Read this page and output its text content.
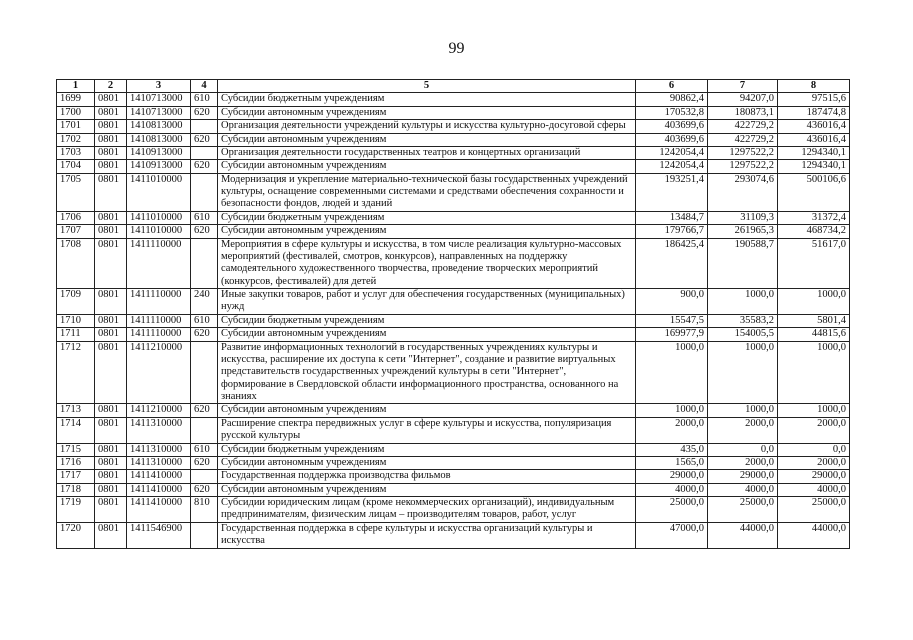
99
1	2	3	4	5	6	7	8
1699	0801	1410713000	610	Субсидии бюджетным учреждениям	90862,4	94207,0	97515,6
1700	0801	1410713000	620	Субсидии автономным учреждениям	170532,8	180873,1	187474,8
1701	0801	1410813000		Организация деятельности учреждений культуры и искусства культурно-досуговой сферы	403699,6	422729,2	436016,4
1702	0801	1410813000	620	Субсидии автономным учреждениям	403699,6	422729,2	436016,4
1703	0801	1410913000		Организация деятельности государственных театров и концертных организаций	1242054,4	1297522,2	1294340,1
1704	0801	1410913000	620	Субсидии автономным учреждениям	1242054,4	1297522,2	1294340,1
1705	0801	1411010000		Модернизация и укрепление материально-технической базы государственных учреждений культуры, оснащение современными системами и средствами обеспечения сохранности и безопасности фондов, людей и зданий	193251,4	293074,6	500106,6
1706	0801	1411010000	610	Субсидии бюджетным учреждениям	13484,7	31109,3	31372,4
1707	0801	1411010000	620	Субсидии автономным учреждениям	179766,7	261965,3	468734,2
1708	0801	1411110000		Мероприятия в сфере культуры и искусства, в том числе реализация культурно-массовых мероприятий (фестивалей, смотров, конкурсов), направленных на поддержку самодеятельного художественного творчества, проведение творческих мероприятий (конкурсов, фестивалей) для детей	186425,4	190588,7	51617,0
1709	0801	1411110000	240	Иные закупки товаров, работ и услуг для обеспечения государственных (муниципальных) нужд	900,0	1000,0	1000,0
1710	0801	1411110000	610	Субсидии бюджетным учреждениям	15547,5	35583,2	5801,4
1711	0801	1411110000	620	Субсидии автономным учреждениям	169977,9	154005,5	44815,6
1712	0801	1411210000		Развитие информационных технологий в государственных учреждениях культуры и искусства, расширение их доступа к сети "Интернет", создание и развитие виртуальных представительств государственных учреждений культуры в сети "Интернет", формирование в Свердловской области информационного пространства, основанного на знаниях	1000,0	1000,0	1000,0
1713	0801	1411210000	620	Субсидии автономным учреждениям	1000,0	1000,0	1000,0
1714	0801	1411310000		Расширение спектра передвижных услуг в сфере культуры и искусства, популяризация русской культуры	2000,0	2000,0	2000,0
1715	0801	1411310000	610	Субсидии бюджетным учреждениям	435,0	0,0	0,0
1716	0801	1411310000	620	Субсидии автономным учреждениям	1565,0	2000,0	2000,0
1717	0801	1411410000		Государственная поддержка производства фильмов	29000,0	29000,0	29000,0
1718	0801	1411410000	620	Субсидии автономным учреждениям	4000,0	4000,0	4000,0
1719	0801	1411410000	810	Субсидии юридическим лицам (кроме некоммерческих организаций), индивидуальным предпринимателям, физическим лицам – производителям товаров, работ, услуг	25000,0	25000,0	25000,0
1720	0801	1411546900		Государственная поддержка в сфере культуры и искусства организаций культуры и искусства	47000,0	44000,0	44000,0
